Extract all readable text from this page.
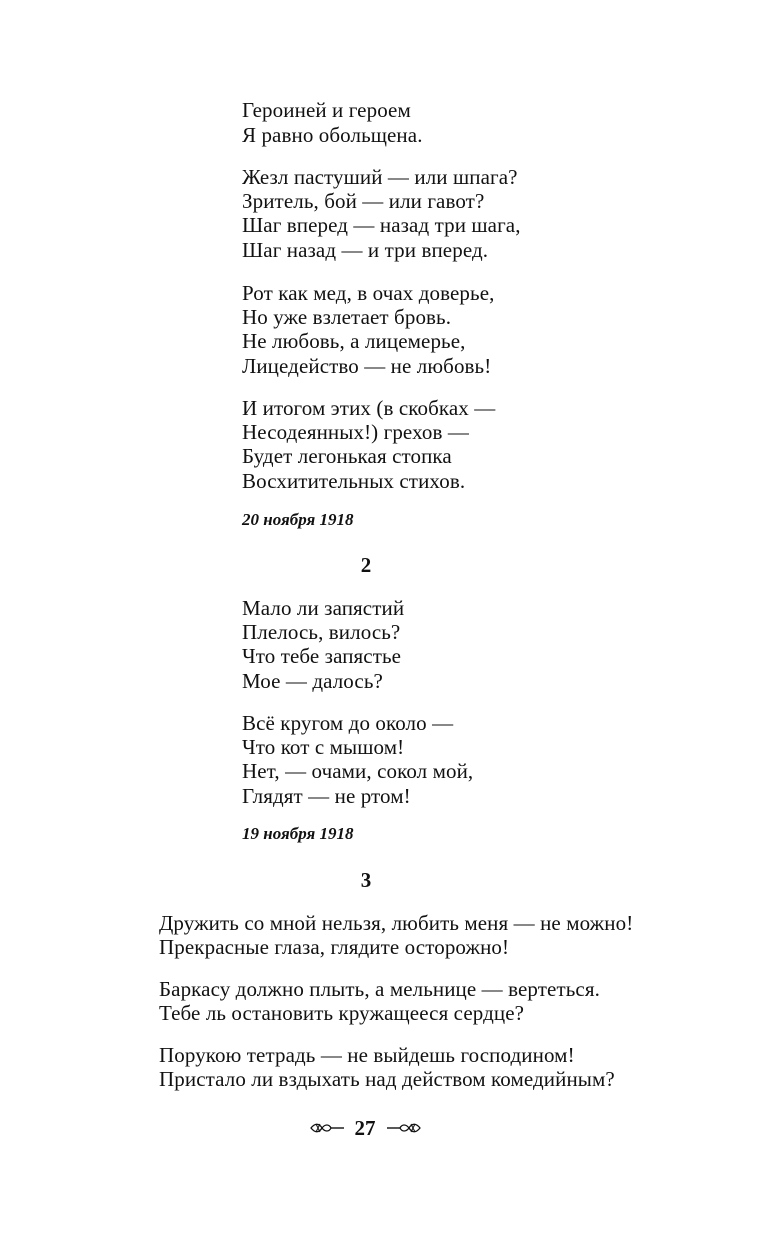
Героиней и героем

Я равно обольщена.

Жезл пастуший — или шпага?

Зритель, бой — или гавот?

Шаг вперед — назад три шага,

Шаг назад — и три вперед.

Рот как мед, в очах доверье,

Но уже взлетает бровь.

Не любовь, а лицемерье,

Лицедейство — не любовь!

И итогом этих (в скобках —

Несодеянных!) грехов —

Будет легонькая стопка

Восхитительных стихов.

20 ноября 1918

2

Мало ли запястий

Плелось, вилось?

Что тебе запястье

Мое — далось?

Всё кругом до около —

Что кот с мышом!

Нет, — очами, сокол мой,

Глядят — не ртом!

19 ноября 1918

3

Дружить со мной нельзя, любить меня — не можно!

Прекрасные глаза, глядите осторожно!

Баркасу должно плыть, а мельнице — вертеться.

Тебе ль остановить кружащееся сердце?

Порукою тетрадь — не выйдешь господином!

Пристало ли вздыхать над действом комедийным?

27
